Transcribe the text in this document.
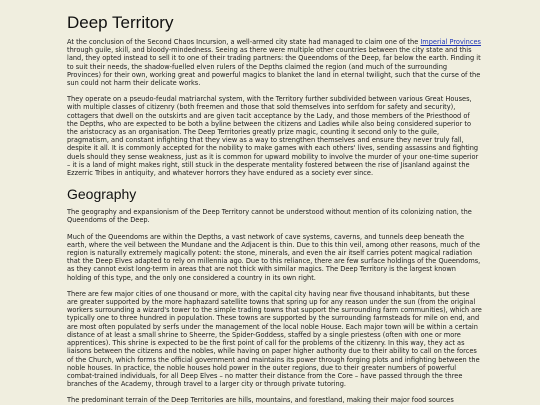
Deep Territory

At the conclusion of the Second Chaos Incursion, a well-armed city state had managed to claim one of the Imperial Provinces through guile, skill, and bloody-mindedness. Seeing as there were multiple other countries between the city state and this land, they opted instead to sell it to one of their trading partners: the Queendoms of the Deep, far below the earth. Finding it to suit their needs, the shadow-fuelled elven rulers of the Depths claimed the region (and much of the surrounding Provinces) for their own, working great and powerful magics to blanket the land in eternal twilight, such that the curse of the sun could not harm their delicate works.

They operate on a pseudo-feudal matriarchal system, with the Territory further subdivided between various Great Houses, with multiple classes of citizenry (both freemen and those that sold themselves into serfdom for safety and security), cottagers that dwell on the outskirts and are given tacit acceptance by the Lady, and those members of the Priesthood of the Depths, who are expected to be both a byline between the citizens and Ladies while also being considered superior to the aristocracy as an organisation. The Deep Territories greatly prize magic, counting it second only to the guile, pragmatism, and constant infighting that they view as a way to strengthen themselves and ensure they never truly fall, despite it all. It is commonly accepted for the nobility to make games with each others' lives, sending assassins and fighting duels should they sense weakness, just as it is common for upward mobility to involve the murder of your one-time superior – it is a land of might makes right, still stuck in the desperate mentality fostered between the rise of Jisanland against the Ezzerric Tribes in antiquity, and whatever horrors they have endured as a society ever since.

Geography

The geography and expansionism of the Deep Territory cannot be understood without mention of its colonizing nation, the Queendoms of the Deep.

Much of the Queendoms are within the Depths, a vast network of cave systems, caverns, and tunnels deep beneath the earth, where the veil between the Mundane and the Adjacent is thin. Due to this thin veil, among other reasons, much of the region is naturally extremely magically potent: the stone, minerals, and even the air itself carries potent magical radiation that the Deep Elves adapted to rely on millennia ago. Due to this reliance, there are few surface holdings of the Queendoms, as they cannot exist long-term in areas that are not thick with similar magics. The Deep Territory is the largest known holding of this type, and the only one considered a country in its own right.

There are few major cities of one thousand or more, with the capital city having near five thousand inhabitants, but these are greater supported by the more haphazard satellite towns that spring up for any reason under the sun (from the original workers surrounding a wizard's tower to the simple trading towns that support the surrounding farm communities), which are typically one to three hundred in population. These towns are supported by the surrounding farmsteads for mile on end, and are most often populated by serfs under the management of the local noble House. Each major town will be within a certain distance of at least a small shrine to Sheerre, the Spider-Goddess, staffed by a single priestess (often with one or more apprentices). This shrine is expected to be the first point of call for the problems of the citizenry. In this way, they act as liaisons between the citizens and the nobles, while having on paper higher authority due to their ability to call on the forces of the Church, which forms the official government and maintains its power through forging plots and infighting between the noble houses. In practice, the noble houses hold power in the outer regions, due to their greater numbers of powerful combat-trained individuals, for all Deep Elves – no matter their distance from the Core – have passed through the three branches of the Academy, through travel to a larger city or through private tutoring.

The predominant terrain of the Deep Territories are hills, mountains, and forestland, making their major food sources
